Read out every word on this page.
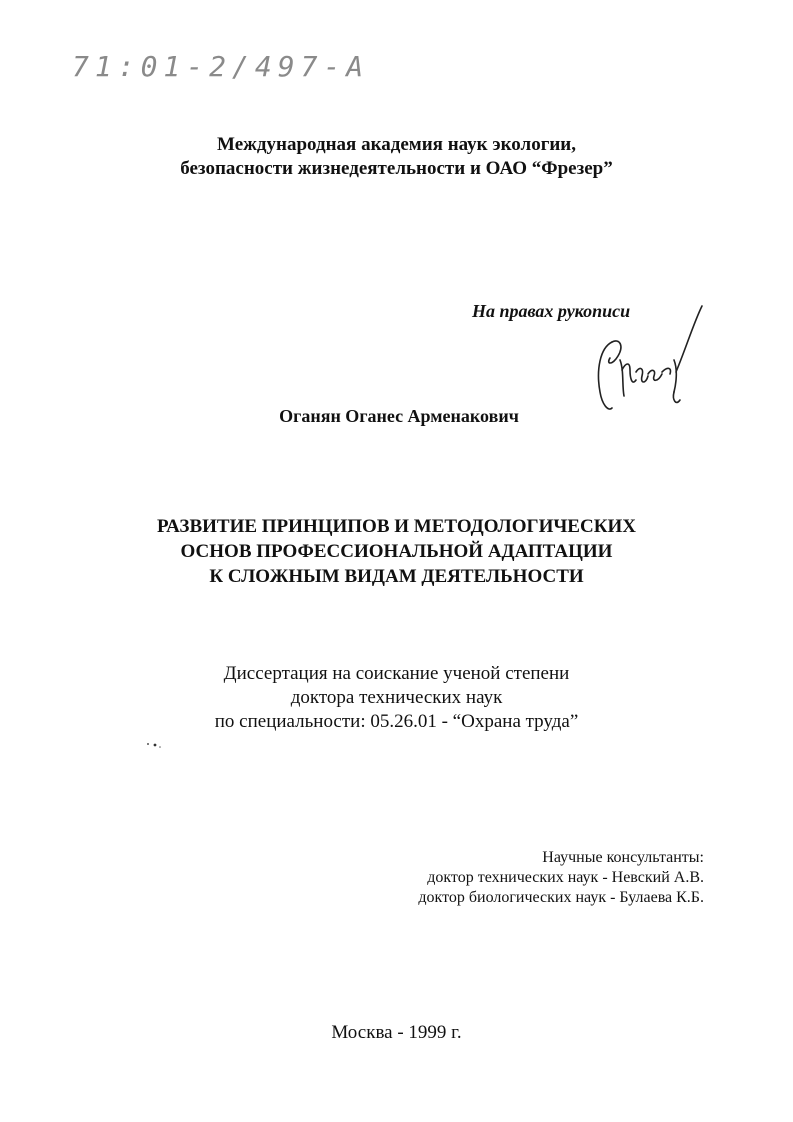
71:01-2/497-А
Международная академия наук экологии,
безопасности жизнедеятельности и ОАО “Фрезер”
На правах рукописи
Оганян Оганес Арменакович
РАЗВИТИЕ ПРИНЦИПОВ И МЕТОДОЛОГИЧЕСКИХ
ОСНОВ ПРОФЕССИОНАЛЬНОЙ АДАПТАЦИИ
К СЛОЖНЫМ ВИДАМ ДЕЯТЕЛЬНОСТИ
Диссертация на соискание ученой степени
доктора технических наук
по специальности: 05.26.01 - “Охрана труда”
Научные консультанты:
доктор технических наук - Невский А.В.
доктор биологических наук - Булаева К.Б.
Москва - 1999 г.
